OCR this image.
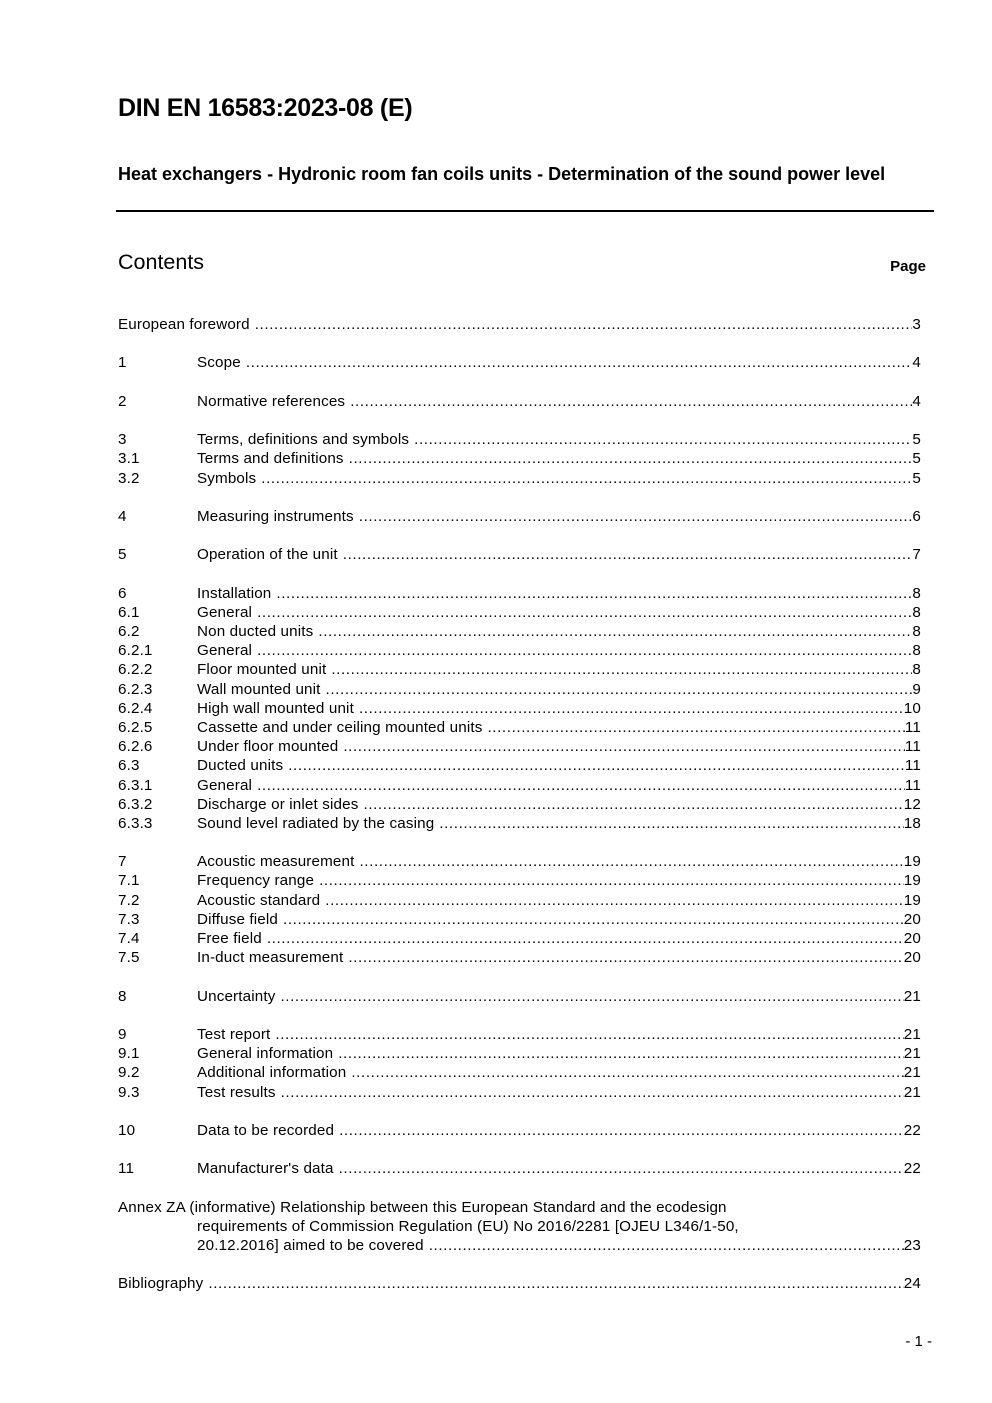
DIN EN 16583:2023-08 (E)
Heat exchangers - Hydronic room fan coils units - Determination of the sound power level
Contents	Page
European foreword .....	3
1	Scope .....	4
2	Normative references .....	4
3	Terms, definitions and symbols .....	5
3.1	Terms and definitions .....	5
3.2	Symbols .....	5
4	Measuring instruments .....	6
5	Operation of the unit .....	7
6	Installation .....	8
6.1	General .....	8
6.2	Non ducted units .....	8
6.2.1	General .....	8
6.2.2	Floor mounted unit .....	8
6.2.3	Wall mounted unit .....	9
6.2.4	High wall mounted unit .....	10
6.2.5	Cassette and under ceiling mounted units .....	11
6.2.6	Under floor mounted .....	11
6.3	Ducted units .....	11
6.3.1	General .....	11
6.3.2	Discharge or inlet sides .....	12
6.3.3	Sound level radiated by the casing .....	18
7	Acoustic measurement .....	19
7.1	Frequency range .....	19
7.2	Acoustic standard .....	19
7.3	Diffuse field .....	20
7.4	Free field .....	20
7.5	In-duct measurement .....	20
8	Uncertainty .....	21
9	Test report .....	21
9.1	General information .....	21
9.2	Additional information .....	21
9.3	Test results .....	21
10	Data to be recorded .....	22
11	Manufacturer's data .....	22
Annex ZA (informative) Relationship between this European Standard and the ecodesign
requirements of Commission Regulation (EU) No 2016/2281 [OJEU L346/1-50,
20.12.2016] aimed to be covered .....	23
Bibliography .....	24
- 1 -
